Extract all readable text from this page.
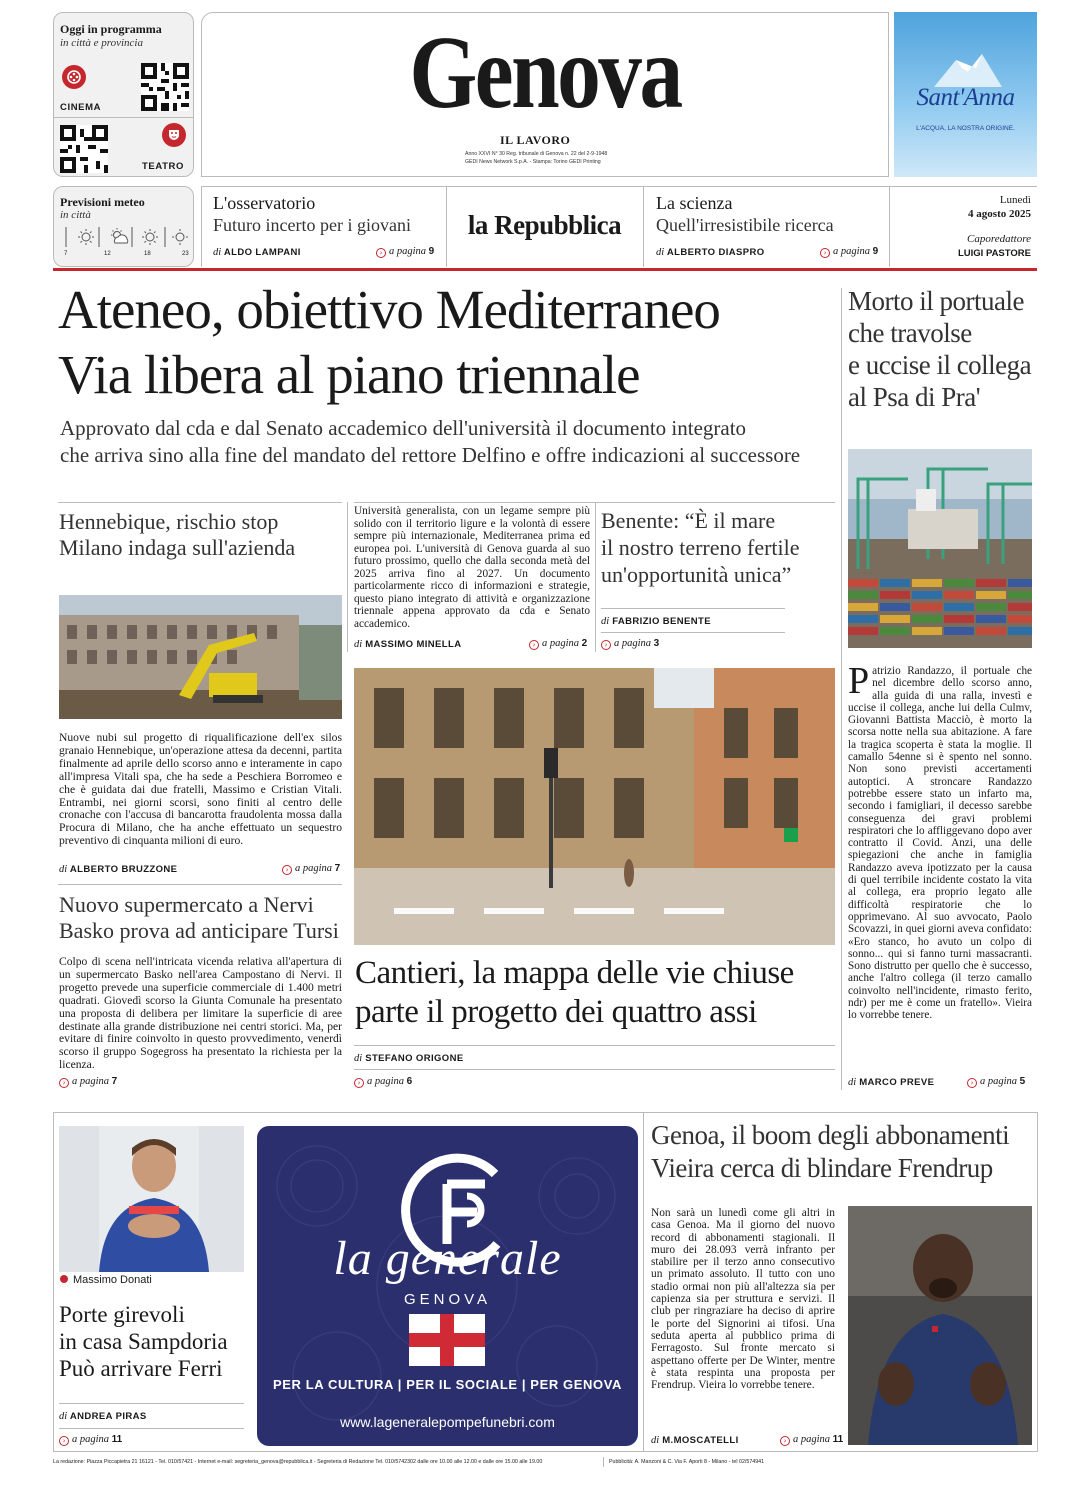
Oggi in programma
in città e provincia
CINEMA
TEATRO
Genova
IL LAVORO
Anno XXVI N° 30 Reg. tribunale di Genova n. 22 del 2-9-1948
GEDI News Network S.p.A. - Stampa: Torino GEDI Printing
Sant'Anna
L'ACQUA, LA NOSTRA ORIGINE.
Previsioni meteo
in città
7	12	18	23
L'osservatorio
Futuro incerto per i giovani
di ALDO LAMPANI	› a pagina 9
la Repubblica
La scienza
Quell'irresistibile ricerca
di ALBERTO DIASPRO	› a pagina 9
Lunedì
4 agosto 2025
Caporedattore
LUIGI PASTORE
Ateneo, obiettivo Mediterraneo
Via libera al piano triennale
Approvato dal cda e dal Senato accademico dell'università il documento integrato
che arriva sino alla fine del mandato del rettore Delfino e offre indicazioni al successore
Morto il portuale
che travolse
e uccise il collega
al Psa di Pra'
Patrizio Randazzo, il portuale che nel dicembre dello scorso anno, alla guida di una ralla, investì e uccise il collega, anche lui della Culmv, Giovanni Battista Macciò, è morto la scorsa notte nella sua abitazione. A fare la tragica scoperta è stata la moglie. Il camallo 54enne si è spento nel sonno. Non sono previsti accertamenti autoptici. A stroncare Randazzo potrebbe essere stato un infarto ma, secondo i famigliari, il decesso sarebbe conseguenza dei gravi problemi respiratori che lo affliggevano dopo aver contratto il Covid. Anzi, una delle spiegazioni che anche in famiglia Randazzo aveva ipotizzato per la causa di quel terribile incidente costato la vita al collega, era proprio legato alle difficoltà respiratorie che lo opprimevano. Al suo avvocato, Paolo Scovazzi, in quei giorni aveva confidato: «Ero stanco, ho avuto un colpo di sonno... qui si fanno turni massacranti. Sono distrutto per quello che è successo, anche l'altro collega (il terzo camallo coinvolto nell'incidente, rimasto ferito, ndr) per me è come un fratello». Vieira lo vorrebbe tenere.
di MARCO PREVE	› a pagina 5
Hennebique, rischio stop
Milano indaga sull'azienda
Nuove nubi sul progetto di riqualificazione dell'ex silos granaio Hennebique, un'operazione attesa da decenni, partita finalmente ad aprile dello scorso anno e interamente in capo all'impresa Vitali spa, che ha sede a Peschiera Borromeo e che è guidata dai due fratelli, Massimo e Cristian Vitali. Entrambi, nei giorni scorsi, sono finiti al centro delle cronache con l'accusa di bancarotta fraudolenta mossa dalla Procura di Milano, che ha anche effettuato un sequestro preventivo di cinquanta milioni di euro.
di ALBERTO BRUZZONE	› a pagina 7
Nuovo supermercato a Nervi
Basko prova ad anticipare Tursi
Colpo di scena nell'intricata vicenda relativa all'apertura di un supermercato Basko nell'area Campostano di Nervi. Il progetto prevede una superficie commerciale di 1.400 metri quadrati. Giovedì scorso la Giunta Comunale ha presentato una proposta di delibera per limitare la superficie di aree destinate alla grande distribuzione nei centri storici. Ma, per evitare di finire coinvolto in questo provvedimento, venerdì scorso il gruppo Sogegross ha presentato la richiesta per la licenza.
› a pagina 7
Università generalista, con un legame sempre più solido con il territorio ligure e la volontà di essere sempre più internazionale, Mediterranea prima ed europea poi. L'università di Genova guarda al suo futuro prossimo, quello che dalla seconda metà del 2025 arriva fino al 2027. Un documento particolarmente ricco di informazioni e strategie, questo piano integrato di attività e organizzazione triennale appena approvato da cda e Senato accademico.
di MASSIMO MINELLA	› a pagina 2
Benente: “È il mare
il nostro terreno fertile
un'opportunità unica”
di FABRIZIO BENENTE
› a pagina 3
Cantieri, la mappa delle vie chiuse
parte il progetto dei quattro assi
di STEFANO ORIGONE
› a pagina 6
Massimo Donati
Porte girevoli
in casa Sampdoria
Può arrivare Ferri
di ANDREA PIRAS
› a pagina 11
la generale
GENOVA
PER LA CULTURA | PER IL SOCIALE | PER GENOVA
www.lageneralepompefunebri.com
Genoa, il boom degli abbonamenti
Vieira cerca di blindare Frendrup
Non sarà un lunedì come gli altri in casa Genoa. Ma il giorno del nuovo record di abbonamenti stagionali. Il muro dei 28.093 verrà infranto per stabilire per il terzo anno consecutivo un primato assoluto. Il tutto con uno stadio ormai non più all'altezza sia per capienza sia per struttura e servizi. Il club per ringraziare ha deciso di aprire le porte del Signorini ai tifosi. Una seduta aperta al pubblico prima di Ferragosto. Sul fronte mercato si aspettano offerte per De Winter, mentre è stata respinta una proposta per Frendrup. Vieira lo vorrebbe tenere.
di M.MOSCATELLI	› a pagina 11
La redazione: Piazza Piccapietra 21 16121 - Tel. 010/57421 - Internet e-mail: segreteria_genova@repubblica.it - Segreteria di Redazione Tel. 010/5742302 dalle ore 10.00 alle 12.00 e dalle ore 15.00 alle 19.00	Pubblicità: A. Manzoni & C. Via F. Aporti 8 - Milano - tel 02/574941
